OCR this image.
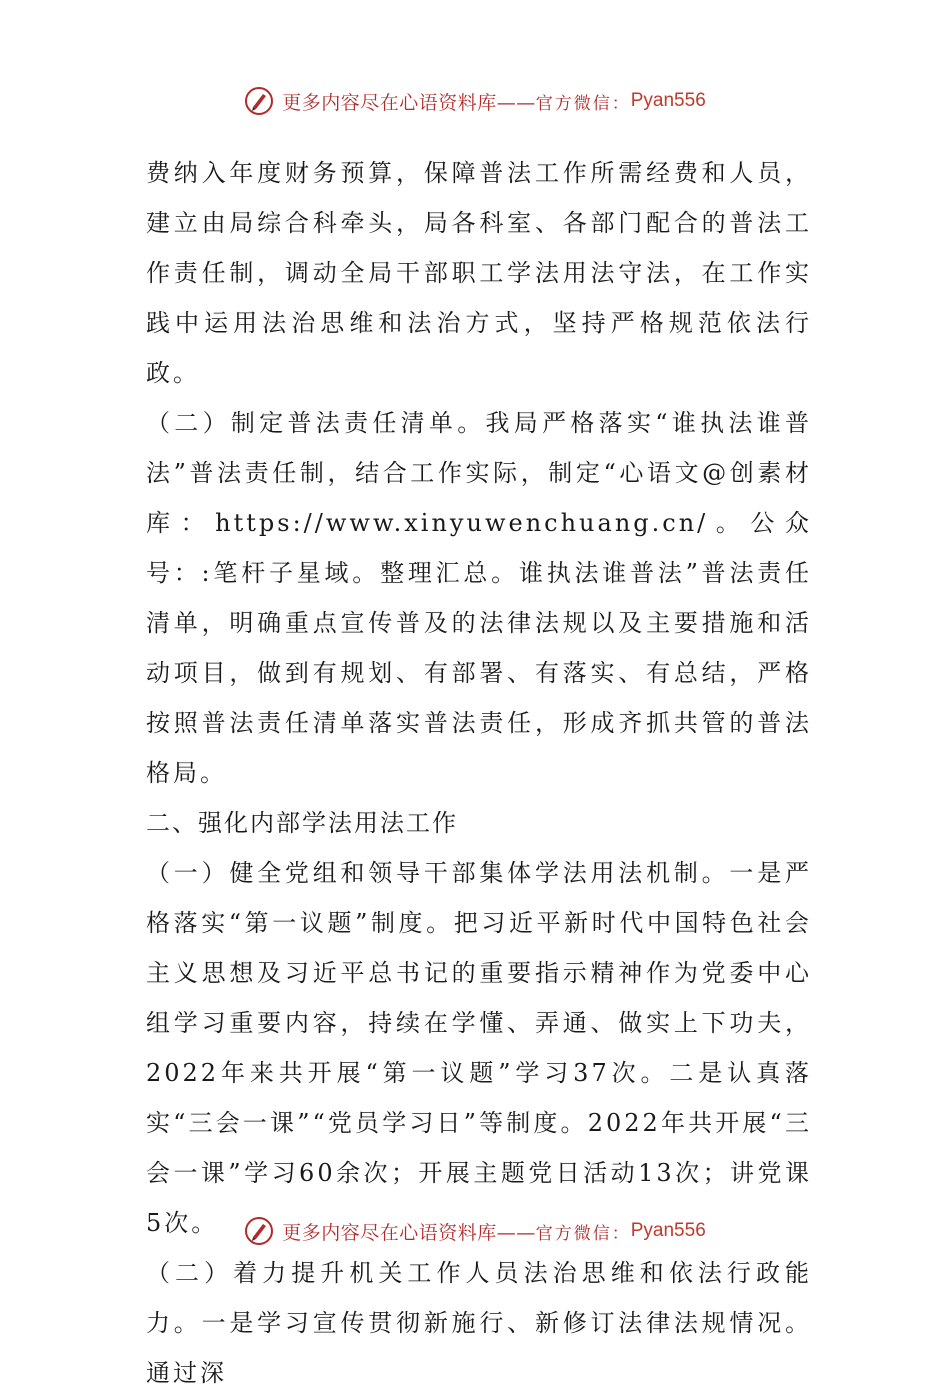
更多内容尽在心语资料库—— 官方微信： Pyan556

费纳入年度财务预算，保障普法工作所需经费和人员，建立由局综合科牵头，局各科室、各部门配合的普法工作责任制，调动全局干部职工学法用法守法，在工作实践中运用法治思维和法治方式，坚持严格规范依法行政。

（二）制定普法责任清单。我局严格落实“谁执法谁普法”普法责任制，结合工作实际，制定“心语文@创素材库：https://www.xinyuwenchuang.cn/。公众号：:笔杆子星域。整理汇总。谁执法谁普法”普法责任清单，明确重点宣传普及的法律法规以及主要措施和活动项目，做到有规划、有部署、有落实、有总结，严格按照普法责任清单落实普法责任，形成齐抓共管的普法格局。

二、强化内部学法用法工作

（一）健全党组和领导干部集体学法用法机制。一是严格落实“第一议题”制度。把习近平新时代中国特色社会主义思想及习近平总书记的重要指示精神作为党委中心组学习重要内容，持续在学懂、弄通、做实上下功夫，2022年来共开展“第一议题”学习37次。二是认真落实“三会一课”“党员学习日”等制度。2022年共开展“三会一课”学习60余次；开展主题党日活动13次；讲党课5次。

（二）着力提升机关工作人员法治思维和依法行政能力。一是学习宣传贯彻新施行、新修订法律法规情况。通过深

更多内容尽在心语资料库—— 官方微信： Pyan556
